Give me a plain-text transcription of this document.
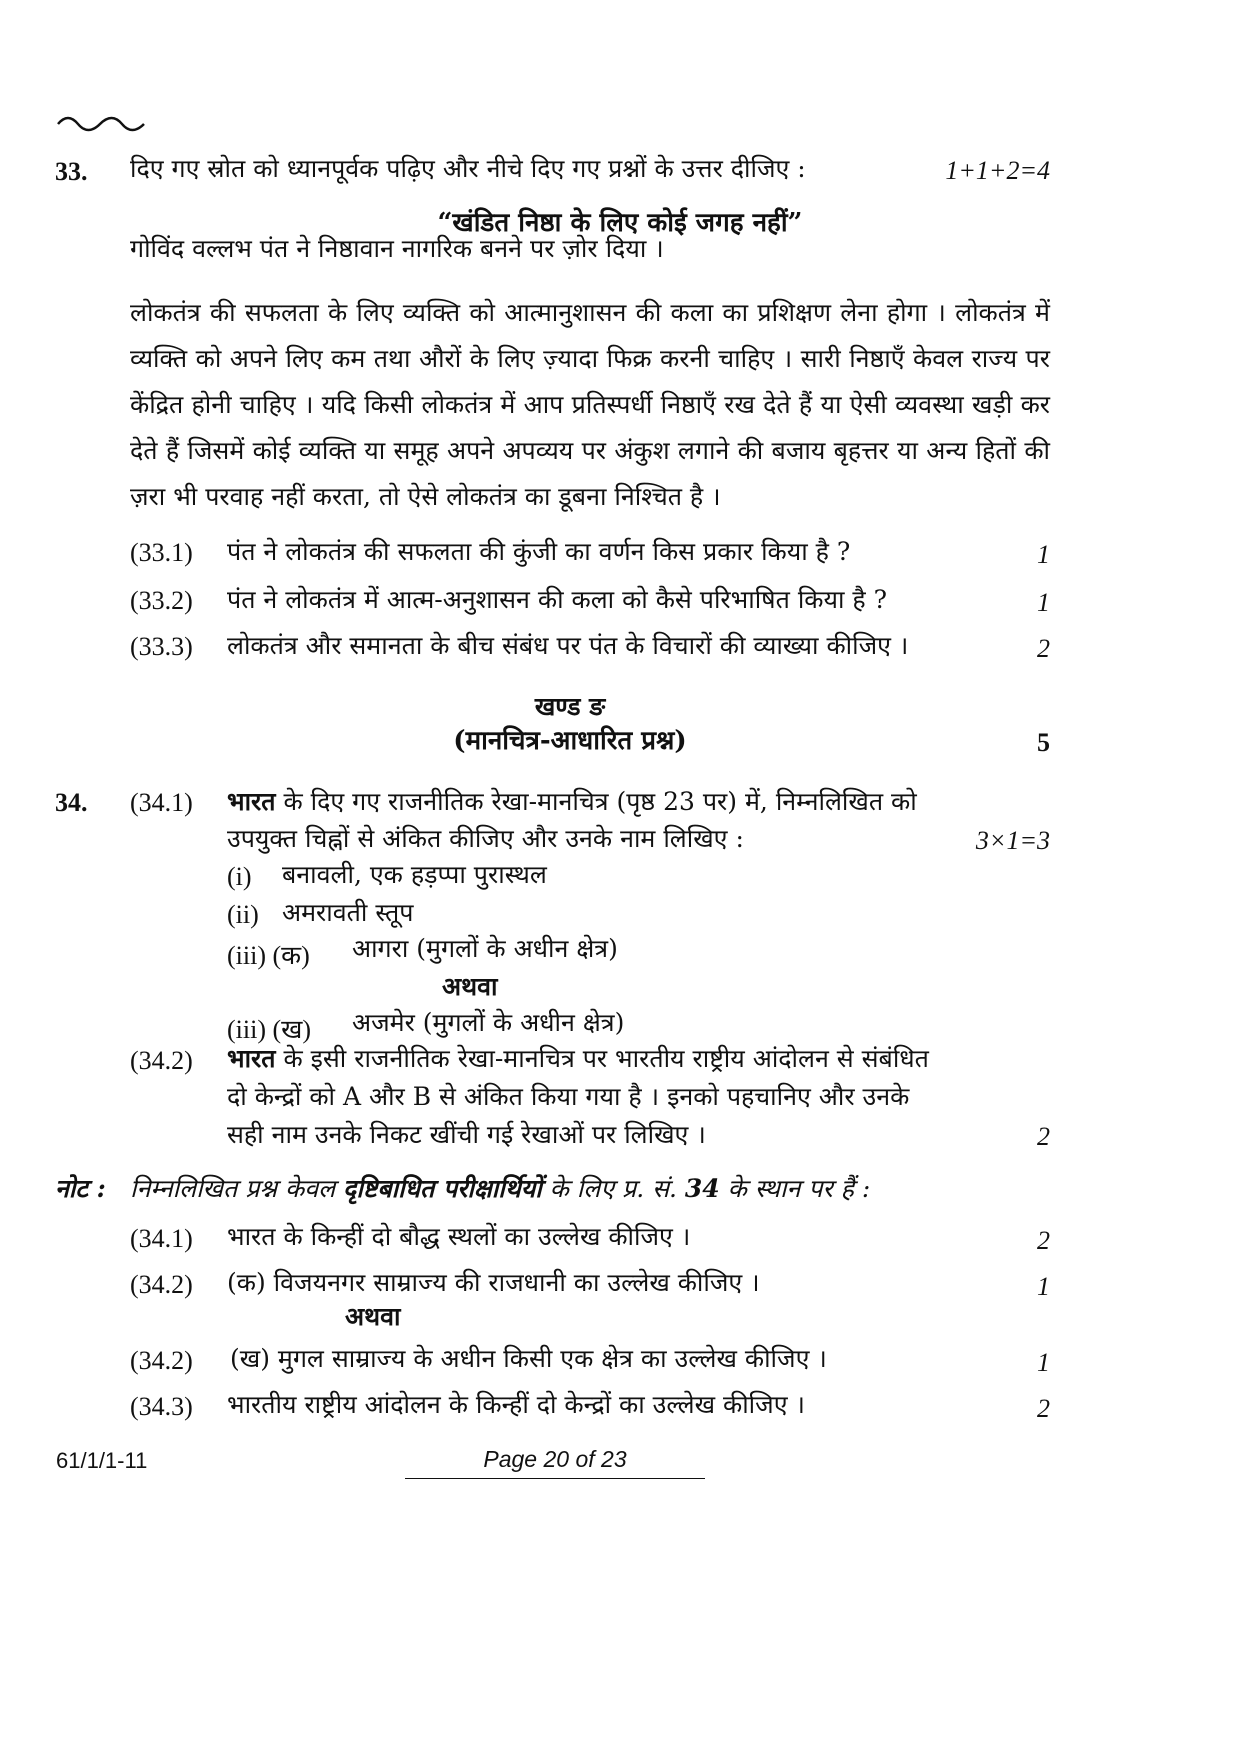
33. दिए गए स्रोत को ध्यानपूर्वक पढ़िए और नीचे दिए गए प्रश्नों के उत्तर दीजिए :	1+1+2=4
“खंडित निष्ठा के लिए कोई जगह नहीं”
गोविंद वल्लभ पंत ने निष्ठावान नागरिक बनने पर ज़ोर दिया ।
लोकतंत्र की सफलता के लिए व्यक्ति को आत्मानुशासन की कला का प्रशिक्षण लेना होगा । लोकतंत्र में व्यक्ति को अपने लिए कम तथा औरों के लिए ज़्यादा फिक्र करनी चाहिए । सारी निष्ठाएँ केवल राज्य पर केंद्रित होनी चाहिए । यदि किसी लोकतंत्र में आप प्रतिस्पर्धी निष्ठाएँ रख देते हैं या ऐसी व्यवस्था खड़ी कर देते हैं जिसमें कोई व्यक्ति या समूह अपने अपव्यय पर अंकुश लगाने की बजाय बृहत्तर या अन्य हितों की ज़रा भी परवाह नहीं करता, तो ऐसे लोकतंत्र का डूबना निश्चित है ।
(33.1) पंत ने लोकतंत्र की सफलता की कुंजी का वर्णन किस प्रकार किया है ?	1
(33.2) पंत ने लोकतंत्र में आत्म-अनुशासन की कला को कैसे परिभाषित किया है ?	1
(33.3) लोकतंत्र और समानता के बीच संबंध पर पंत के विचारों की व्याख्या कीजिए ।	2
खण्ड ङ
(मानचित्र-आधारित प्रश्न)	5
34. (34.1) भारत के दिए गए राजनीतिक रेखा-मानचित्र (पृष्ठ 23 पर) में, निम्नलिखित को
उपयुक्त चिह्नों से अंकित कीजिए और उनके नाम लिखिए :	3×1=3
(i) बनावली, एक हड़प्पा पुरास्थल
(ii) अमरावती स्तूप
(iii) (क) आगरा (मुगलों के अधीन क्षेत्र)
अथवा
(iii) (ख) अजमेर (मुगलों के अधीन क्षेत्र)
(34.2) भारत के इसी राजनीतिक रेखा-मानचित्र पर भारतीय राष्ट्रीय आंदोलन से संबंधित
दो केन्द्रों को A और B से अंकित किया गया है । इनको पहचानिए और उनके
सही नाम उनके निकट खींची गई रेखाओं पर लिखिए ।	2
नोट : निम्नलिखित प्रश्न केवल दृष्टिबाधित परीक्षार्थियों के लिए प्र. सं. 34 के स्थान पर हैं :
(34.1) भारत के किन्हीं दो बौद्ध स्थलों का उल्लेख कीजिए ।	2
(34.2) (क) विजयनगर साम्राज्य की राजधानी का उल्लेख कीजिए ।	1
अथवा
(34.2) (ख) मुगल साम्राज्य के अधीन किसी एक क्षेत्र का उल्लेख कीजिए ।	1
(34.3) भारतीय राष्ट्रीय आंदोलन के किन्हीं दो केन्द्रों का उल्लेख कीजिए ।	2
61/1/1-11	Page 20 of 23
